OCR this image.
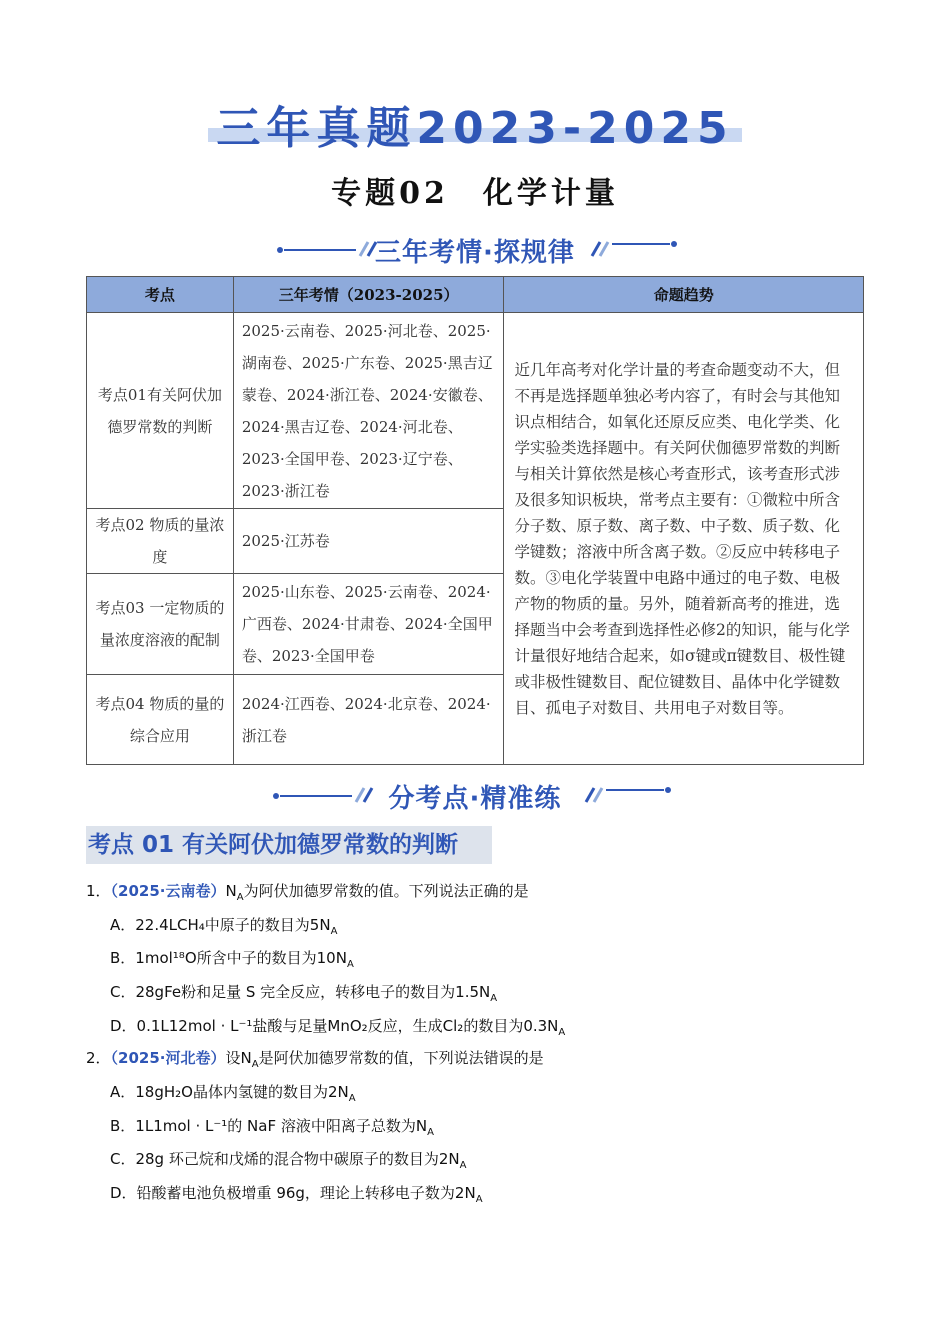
三年真题2023-2025
专题02　化学计量
三年考情·探规律
考点	三年考情（2023-2025）	命题趋势
考点01有关阿伏加德罗常数的判断	2025·云南卷、2025·河北卷、2025·湖南卷、2025·广东卷、2025·黑吉辽蒙卷、2024·浙江卷、2024·安徽卷、2024·黑吉辽卷、2024·河北卷、2023·全国甲卷、2023·辽宁卷、2023·浙江卷	近几年高考对化学计量的考查命题变动不大，但不再是选择题单独必考内容了，有时会与其他知识点相结合，如氧化还原反应类、电化学类、化学实验类选择题中。有关阿伏伽德罗常数的判断与相关计算依然是核心考查形式，该考查形式涉及很多知识板块，常考点主要有：①微粒中所含分子数、原子数、离子数、中子数、质子数、化学键数；溶液中所含离子数。②反应中转移电子数。③电化学装置中电路中通过的电子数、电极产物的物质的量。另外，随着新高考的推进，选择题当中会考查到选择性必修2的知识，能与化学计量很好地结合起来，如σ键或π键数目、极性键或非极性键数目、配位键数目、晶体中化学键数目、孤电子对数目、共用电子对数目等。
考点02 物质的量浓度	2025·江苏卷	
考点03 一定物质的量浓度溶液的配制	2025·山东卷、2025·云南卷、2024·广西卷、2024·甘肃卷、2024·全国甲卷、2023·全国甲卷	
考点04 物质的量的综合应用	2024·江西卷、2024·北京卷、2024·浙江卷	
分考点·精准练
考点 01 有关阿伏加德罗常数的判断
1．（2025·云南卷）$N_A$为阿伏加德罗常数的值。下列说法正确的是
A．22.4LCH₄中原子的数目为$5N_A$
B．1mol¹⁸O所含中子的数目为$10N_A$
C．28gFe粉和足量 S 完全反应，转移电子的数目为$1.5N_A$
D．0.1L12mol · L⁻¹盐酸与足量MnO₂反应，生成Cl₂的数目为$0.3N_A$
2．（2025·河北卷）设$N_A$是阿伏加德罗常数的值，下列说法错误的是
A．18gH₂O晶体内氢键的数目为$2N_A$
B．1L1mol · L⁻¹的 NaF 溶液中阳离子总数为$N_A$
C．28g 环己烷和戊烯的混合物中碳原子的数目为$2N_A$
D．铅酸蓄电池负极增重 96g，理论上转移电子数为$2N_A$
